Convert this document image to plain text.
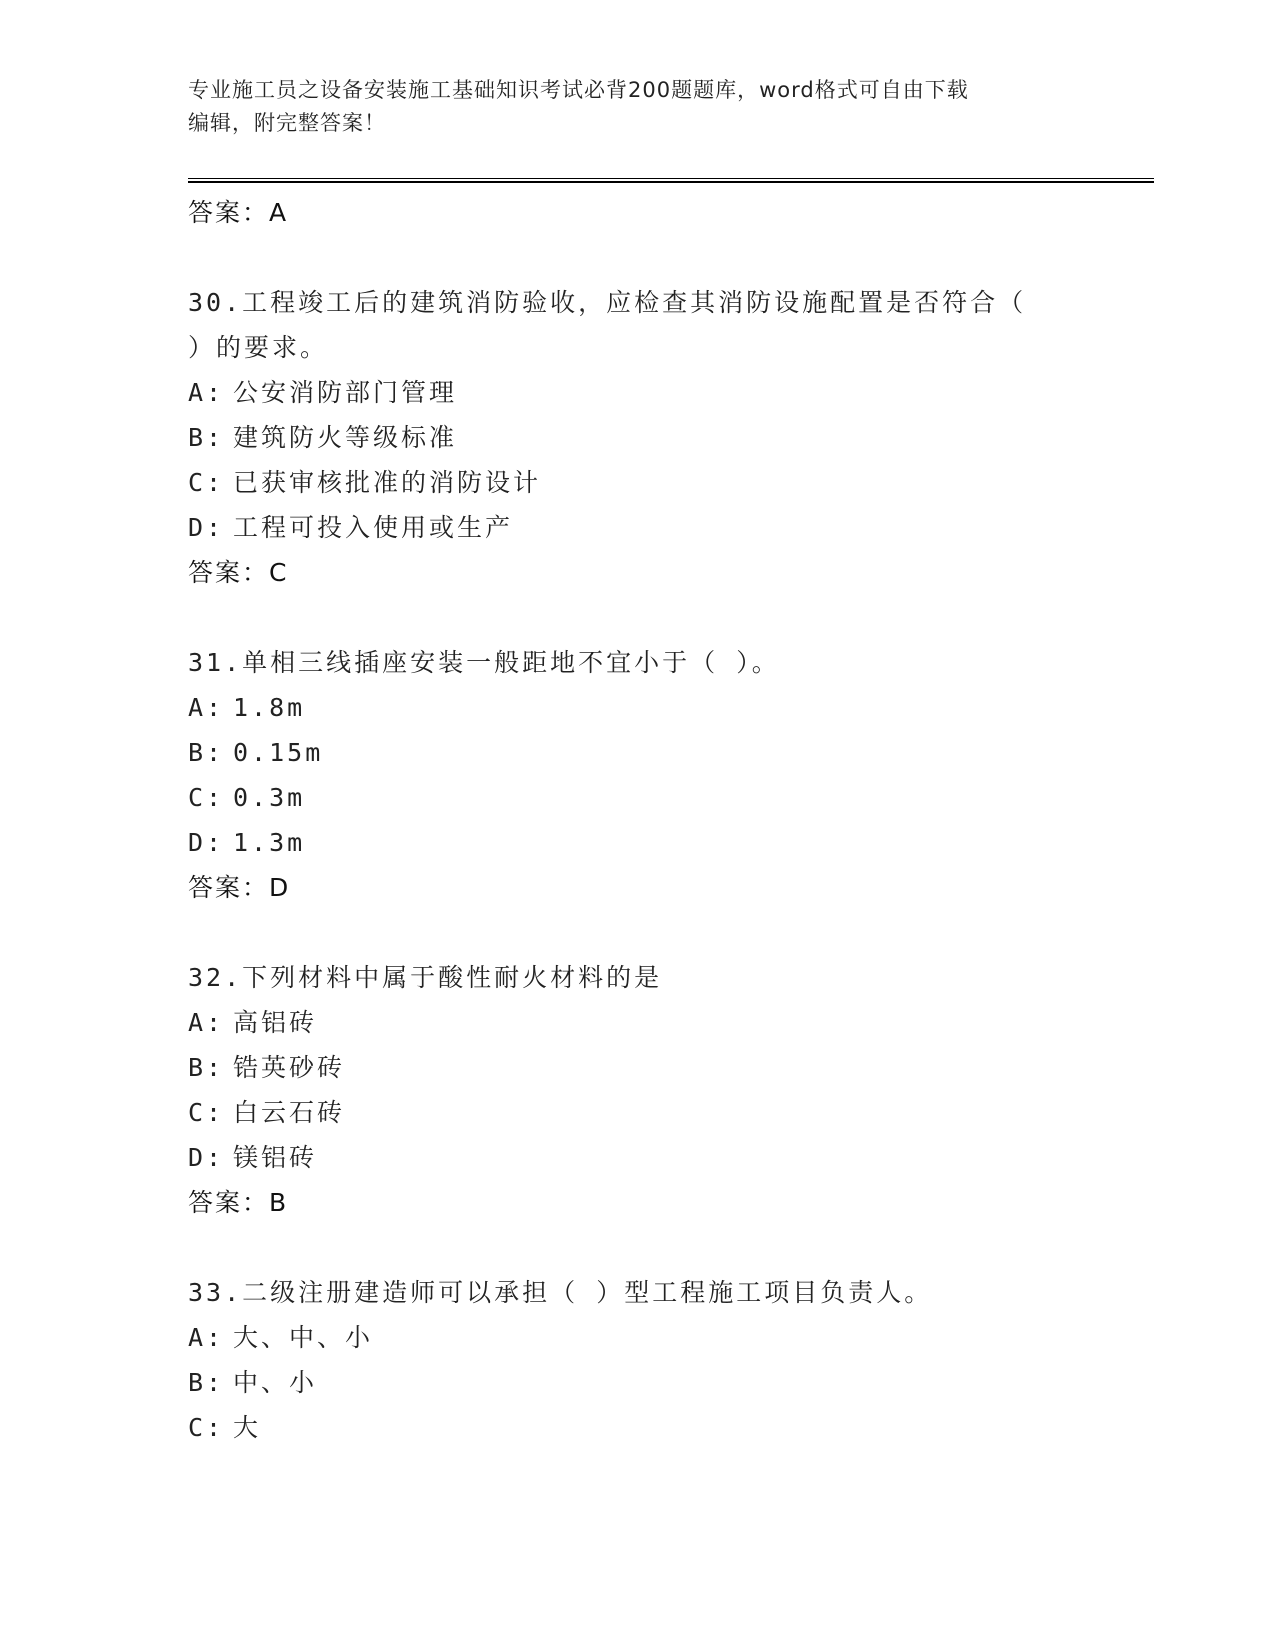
专业施工员之设备安装施工基础知识考试必背200题题库，word格式可自由下载
编辑，附完整答案！
答案：A
30.工程竣工后的建筑消防验收，应检查其消防设施配置是否符合（
）的要求。
A: 公安消防部门管理
B: 建筑防火等级标准
C: 已获审核批准的消防设计
D: 工程可投入使用或生产
答案：C
31.单相三线插座安装一般距地不宜小于（ ）。
A: 1.8m
B: 0.15m
C: 0.3m
D: 1.3m
答案：D
32.下列材料中属于酸性耐火材料的是
A: 高铝砖
B: 锆英砂砖
C: 白云石砖
D: 镁铝砖
答案：B
33.二级注册建造师可以承担（ ）型工程施工项目负责人。
A: 大、中、小
B: 中、小
C: 大
